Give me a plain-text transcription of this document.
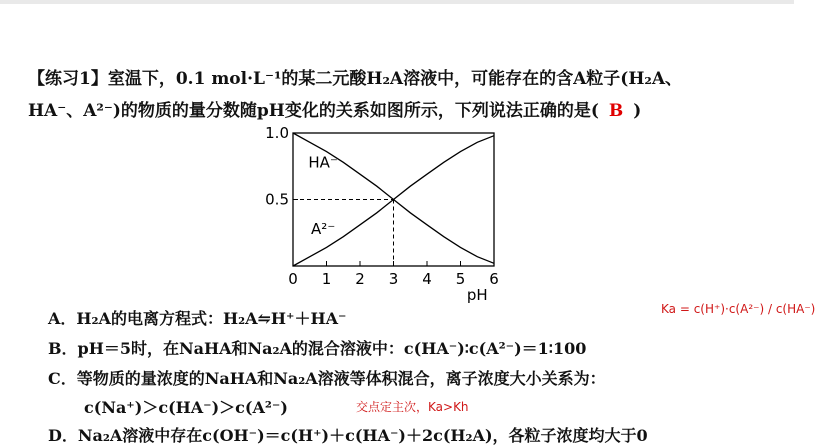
【练习1】室温下，0.1 mol·L⁻¹的某二元酸H₂A溶液中，可能存在的含A粒子(H₂A、
HA⁻、A²⁻)的物质的量分数随pH变化的关系如图所示，下列说法正确的是( B )
0 1 2 3 4 5 6
0.5
1.0
pH
HA⁻
A²⁻
A．H₂A的电离方程式：H₂A⇋H⁺＋HA⁻
B．pH＝5时，在NaHA和Na₂A的混合溶液中：c(HA⁻)∶c(A²⁻)＝1∶100
C．等物质的量浓度的NaHA和Na₂A溶液等体积混合，离子浓度大小关系为：
c(Na⁺)＞c(HA⁻)＞c(A²⁻)
D．Na₂A溶液中存在c(OH⁻)＝c(H⁺)＋c(HA⁻)＋2c(H₂A)，各粒子浓度均大于0
Ka = c(H⁺)·c(A²⁻) / c(HA⁻)
交点定主次，Ka>Kh
